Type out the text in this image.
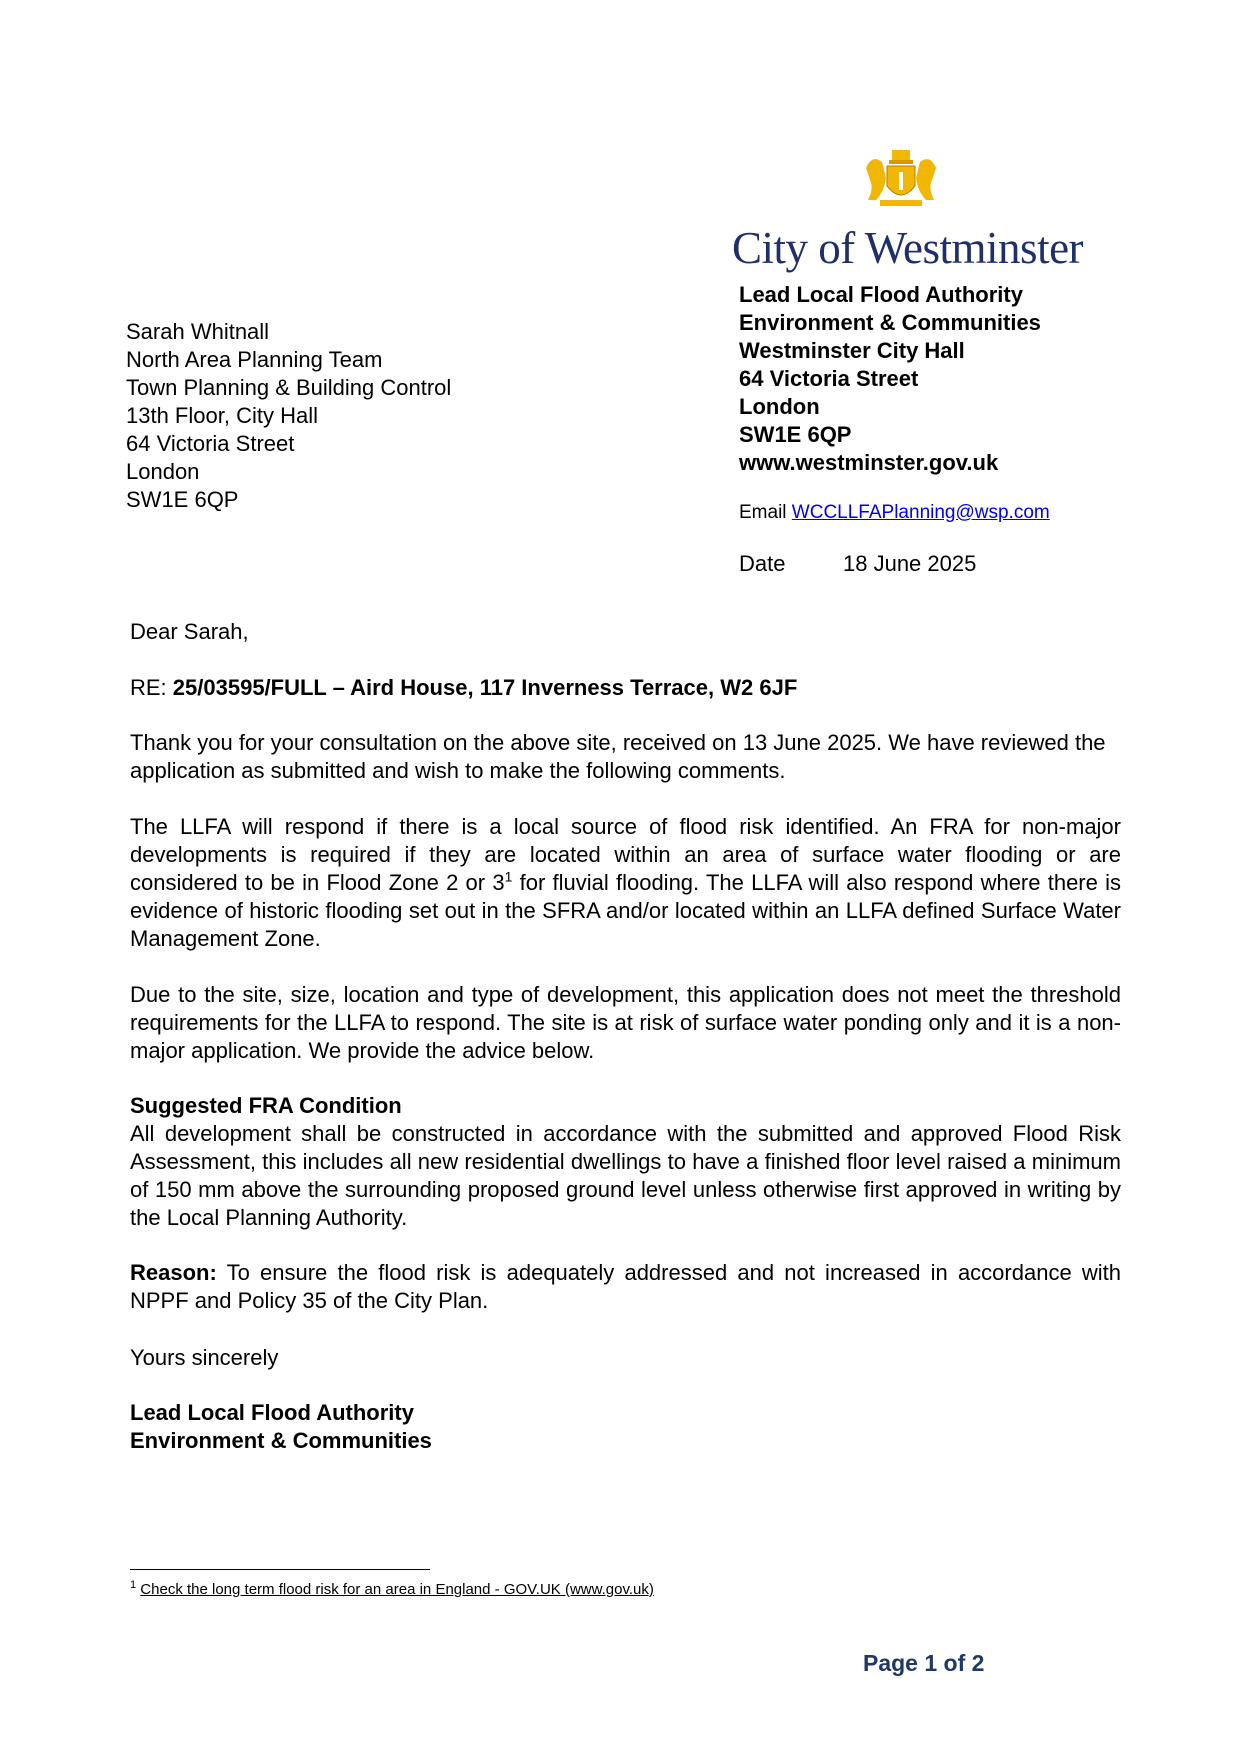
City of Westminster
Lead Local Flood Authority
Environment & Communities
Westminster City Hall
64 Victoria Street
London
SW1E 6QP
www.westminster.gov.uk
Email WCCLLFAPlanning@wsp.com
Date	18 June 2025
Sarah Whitnall
North Area Planning Team
Town Planning & Building Control
13th Floor, City Hall
64 Victoria Street
London
SW1E 6QP
Dear Sarah,
RE: 25/03595/FULL – Aird House, 117 Inverness Terrace, W2 6JF
Thank you for your consultation on the above site, received on 13 June 2025. We have reviewed the application as submitted and wish to make the following comments.
The LLFA will respond if there is a local source of flood risk identified. An FRA for non-major developments is required if they are located within an area of surface water flooding or are considered to be in Flood Zone 2 or $3^1$ for fluvial flooding. The LLFA will also respond where there is evidence of historic flooding set out in the SFRA and/or located within an LLFA defined Surface Water Management Zone.
Due to the site, size, location and type of development, this application does not meet the threshold requirements for the LLFA to respond. The site is at risk of surface water ponding only and it is a non-major application. We provide the advice below.
Suggested FRA Condition
All development shall be constructed in accordance with the submitted and approved Flood Risk Assessment, this includes all new residential dwellings to have a finished floor level raised a minimum of 150 mm above the surrounding proposed ground level unless otherwise first approved in writing by the Local Planning Authority.
Reason: To ensure the flood risk is adequately addressed and not increased in accordance with NPPF and Policy 35 of the City Plan.
Yours sincerely
Lead Local Flood Authority
Environment & Communities
$^1$ Check the long term flood risk for an area in England - GOV.UK (www.gov.uk)
Page 1 of 2
